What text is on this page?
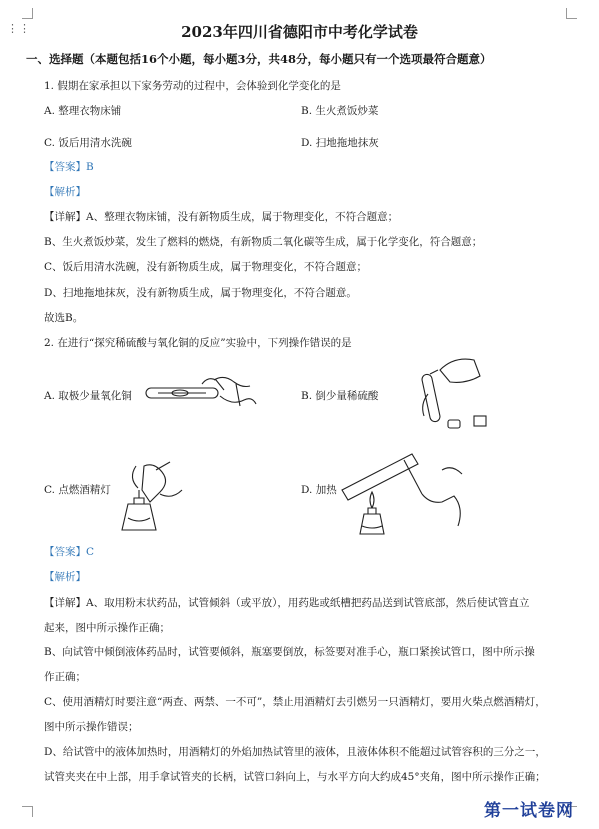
⋮⋮	2023年四川省德阳市中考化学试卷
一、选择题（本题包括16个小题，每小题3分，共48分，每小题只有一个选项最符合题意）
1. 假期在家承担以下家务劳动的过程中，会体验到化学变化的是
A. 整理衣物床铺	B. 生火煮饭炒菜
C. 饭后用清水洗碗	D. 扫地拖地抹灰
【答案】B
【解析】
【详解】A、整理衣物床铺，没有新物质生成，属于物理变化，不符合题意；
B、生火煮饭炒菜，发生了燃料的燃烧，有新物质二氧化碳等生成，属于化学变化，符合题意；
C、饭后用清水洗碗，没有新物质生成，属于物理变化，不符合题意；
D、扫地拖地抹灰，没有新物质生成，属于物理变化，不符合题意。
故选B。
2. 在进行“探究稀硫酸与氧化铜的反应”实验中，下列操作错误的是
A. 取极少量氧化铜	B. 倒少量稀硫酸
C. 点燃酒精灯	D. 加热
【答案】C
【解析】
【详解】A、取用粉末状药品，试管倾斜（或平放），用药匙或纸槽把药品送到试管底部，然后使试管直立
起来，图中所示操作正确；
B、向试管中倾倒液体药品时，试管要倾斜，瓶塞要倒放，标签要对准手心，瓶口紧挨试管口，图中所示操
作正确；
C、使用酒精灯时要注意“两查、两禁、一不可”，禁止用酒精灯去引燃另一只酒精灯，要用火柴点燃酒精灯，
图中所示操作错误；
D、给试管中的液体加热时，用酒精灯的外焰加热试管里的液体，且液体体积不能超过试管容积的三分之一，
试管夹夹在中上部，用手拿试管夹的长柄，试管口斜向上，与水平方向大约成45°夹角，图中所示操作正确；
第一试卷网
